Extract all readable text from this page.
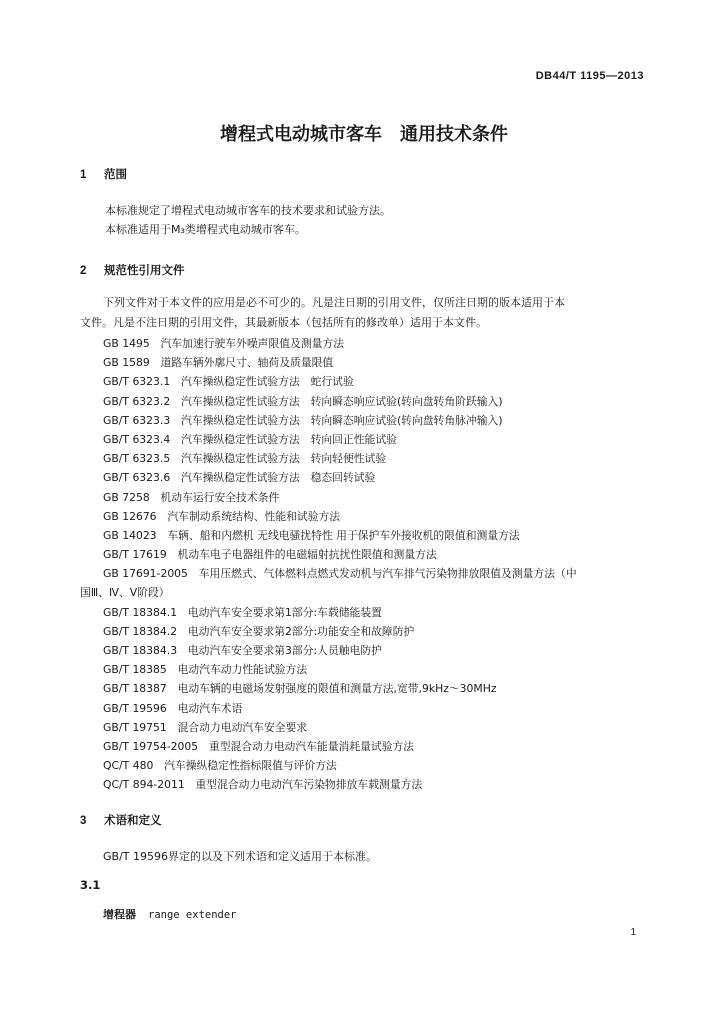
DB44/T 1195—2013
增程式电动城市客车　通用技术条件
1 范围
本标准规定了增程式电动城市客车的技术要求和试验方法。
本标准适用于M₃类增程式电动城市客车。
2 规范性引用文件
下列文件对于本文件的应用是必不可少的。凡是注日期的引用文件，仅所注日期的版本适用于本
文件。凡是不注日期的引用文件，其最新版本（包括所有的修改单）适用于本文件。
GB 1495　汽车加速行驶车外噪声限值及测量方法
GB 1589　道路车辆外廓尺寸、轴荷及质量限值
GB/T 6323.1　汽车操纵稳定性试验方法　蛇行试验
GB/T 6323.2　汽车操纵稳定性试验方法　转向瞬态响应试验(转向盘转角阶跃输入)
GB/T 6323.3　汽车操纵稳定性试验方法　转向瞬态响应试验(转向盘转角脉冲输入)
GB/T 6323.4　汽车操纵稳定性试验方法　转向回正性能试验
GB/T 6323.5　汽车操纵稳定性试验方法　转向轻便性试验
GB/T 6323.6　汽车操纵稳定性试验方法　稳态回转试验
GB 7258　机动车运行安全技术条件
GB 12676　汽车制动系统结构、性能和试验方法
GB 14023　车辆、船和内燃机 无线电骚扰特性 用于保护车外接收机的限值和测量方法
GB/T 17619　机动车电子电器组件的电磁辐射抗扰性限值和测量方法
GB 17691-2005　车用压燃式、气体燃料点燃式发动机与汽车排气污染物排放限值及测量方法（中
国Ⅲ、Ⅳ、Ⅴ阶段）
GB/T 18384.1　电动汽车安全要求第1部分:车载储能装置
GB/T 18384.2　电动汽车安全要求第2部分:功能安全和故障防护
GB/T 18384.3　电动汽车安全要求第3部分:人员触电防护
GB/T 18385　电动汽车动力性能试验方法
GB/T 18387　电动车辆的电磁场发射强度的限值和测量方法,宽带,9kHz～30MHz
GB/T 19596　电动汽车术语
GB/T 19751　混合动力电动汽车安全要求
GB/T 19754-2005　重型混合动力电动汽车能量消耗量试验方法
QC/T 480　汽车操纵稳定性指标限值与评价方法
QC/T 894-2011　重型混合动力电动汽车污染物排放车载测量方法
3 术语和定义
GB/T 19596界定的以及下列术语和定义适用于本标准。
3.1
增程器 range extender
1
